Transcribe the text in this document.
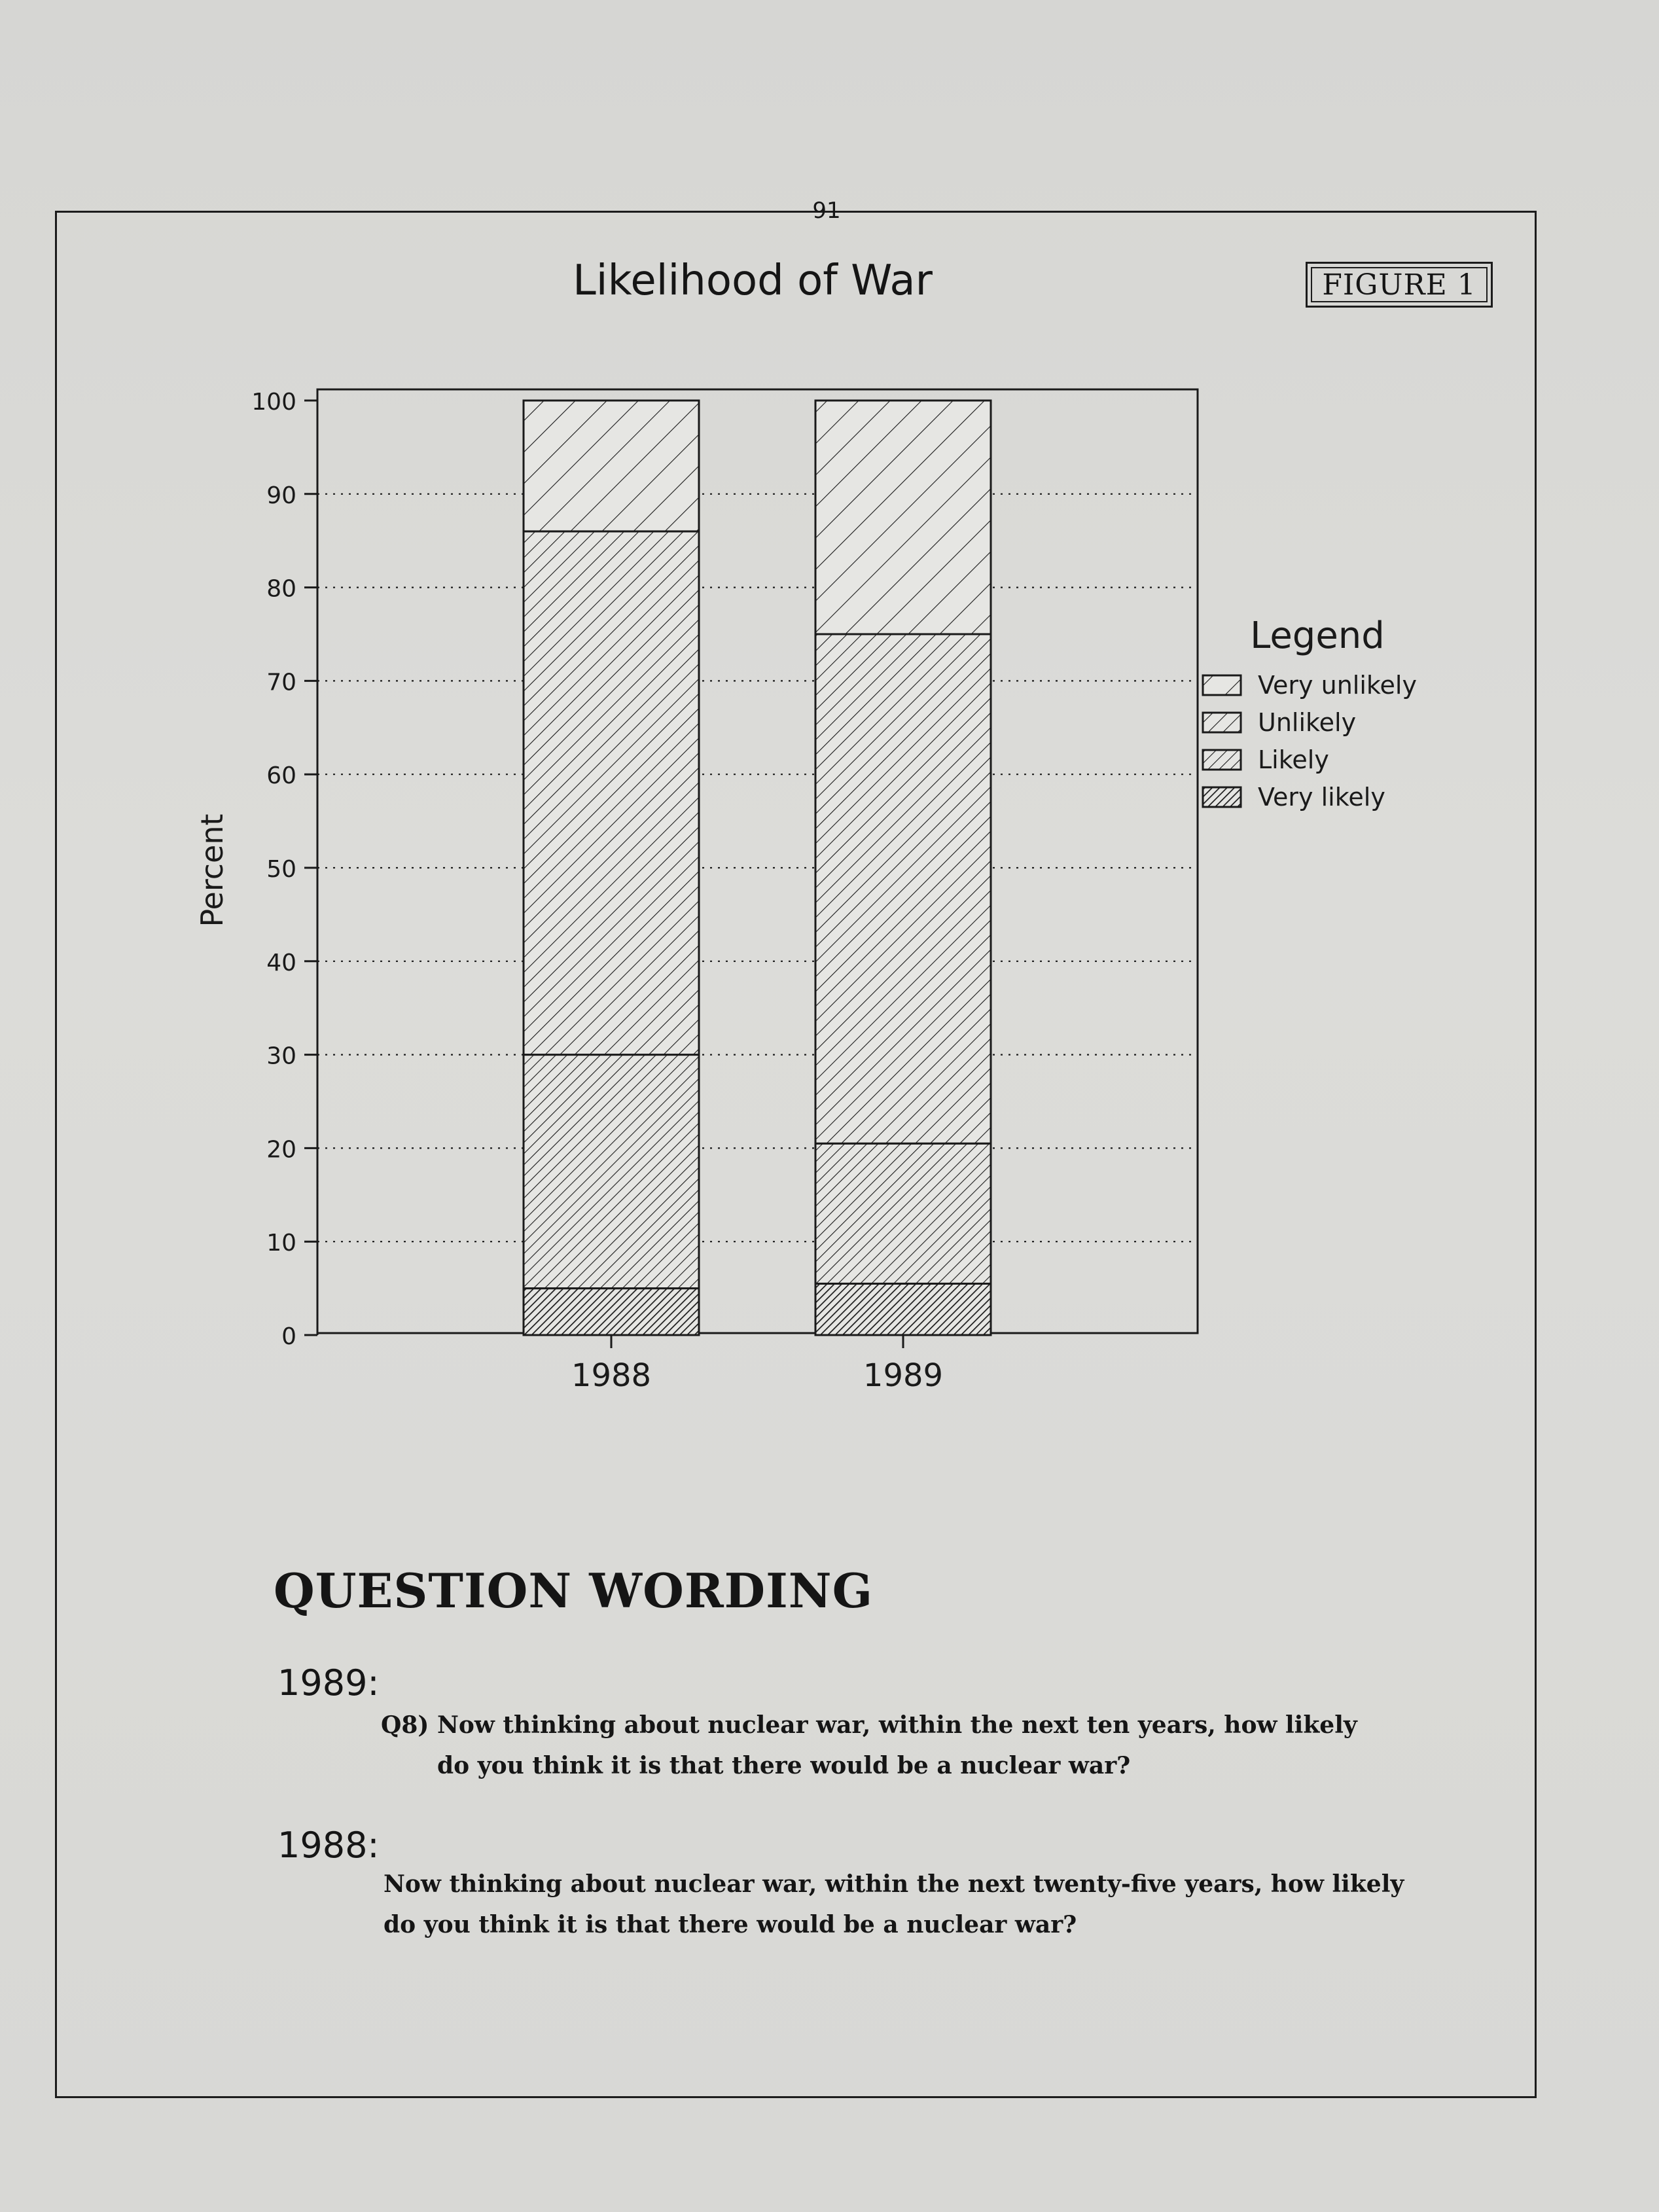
91
Likelihood of War	FIGURE 1
0
10
20
30
40
50
60
70
80
90
100
1988	1989
Percent
Legend
Very unlikely
Unlikely
Likely
Very likely
QUESTION WORDING
1989:
Q8) Now thinking about nuclear war, within the next ten years, how likely
do you think it is that there would be a nuclear war?
1988:
Now thinking about nuclear war, within the next twenty-five years, how likely
do you think it is that there would be a nuclear war?
